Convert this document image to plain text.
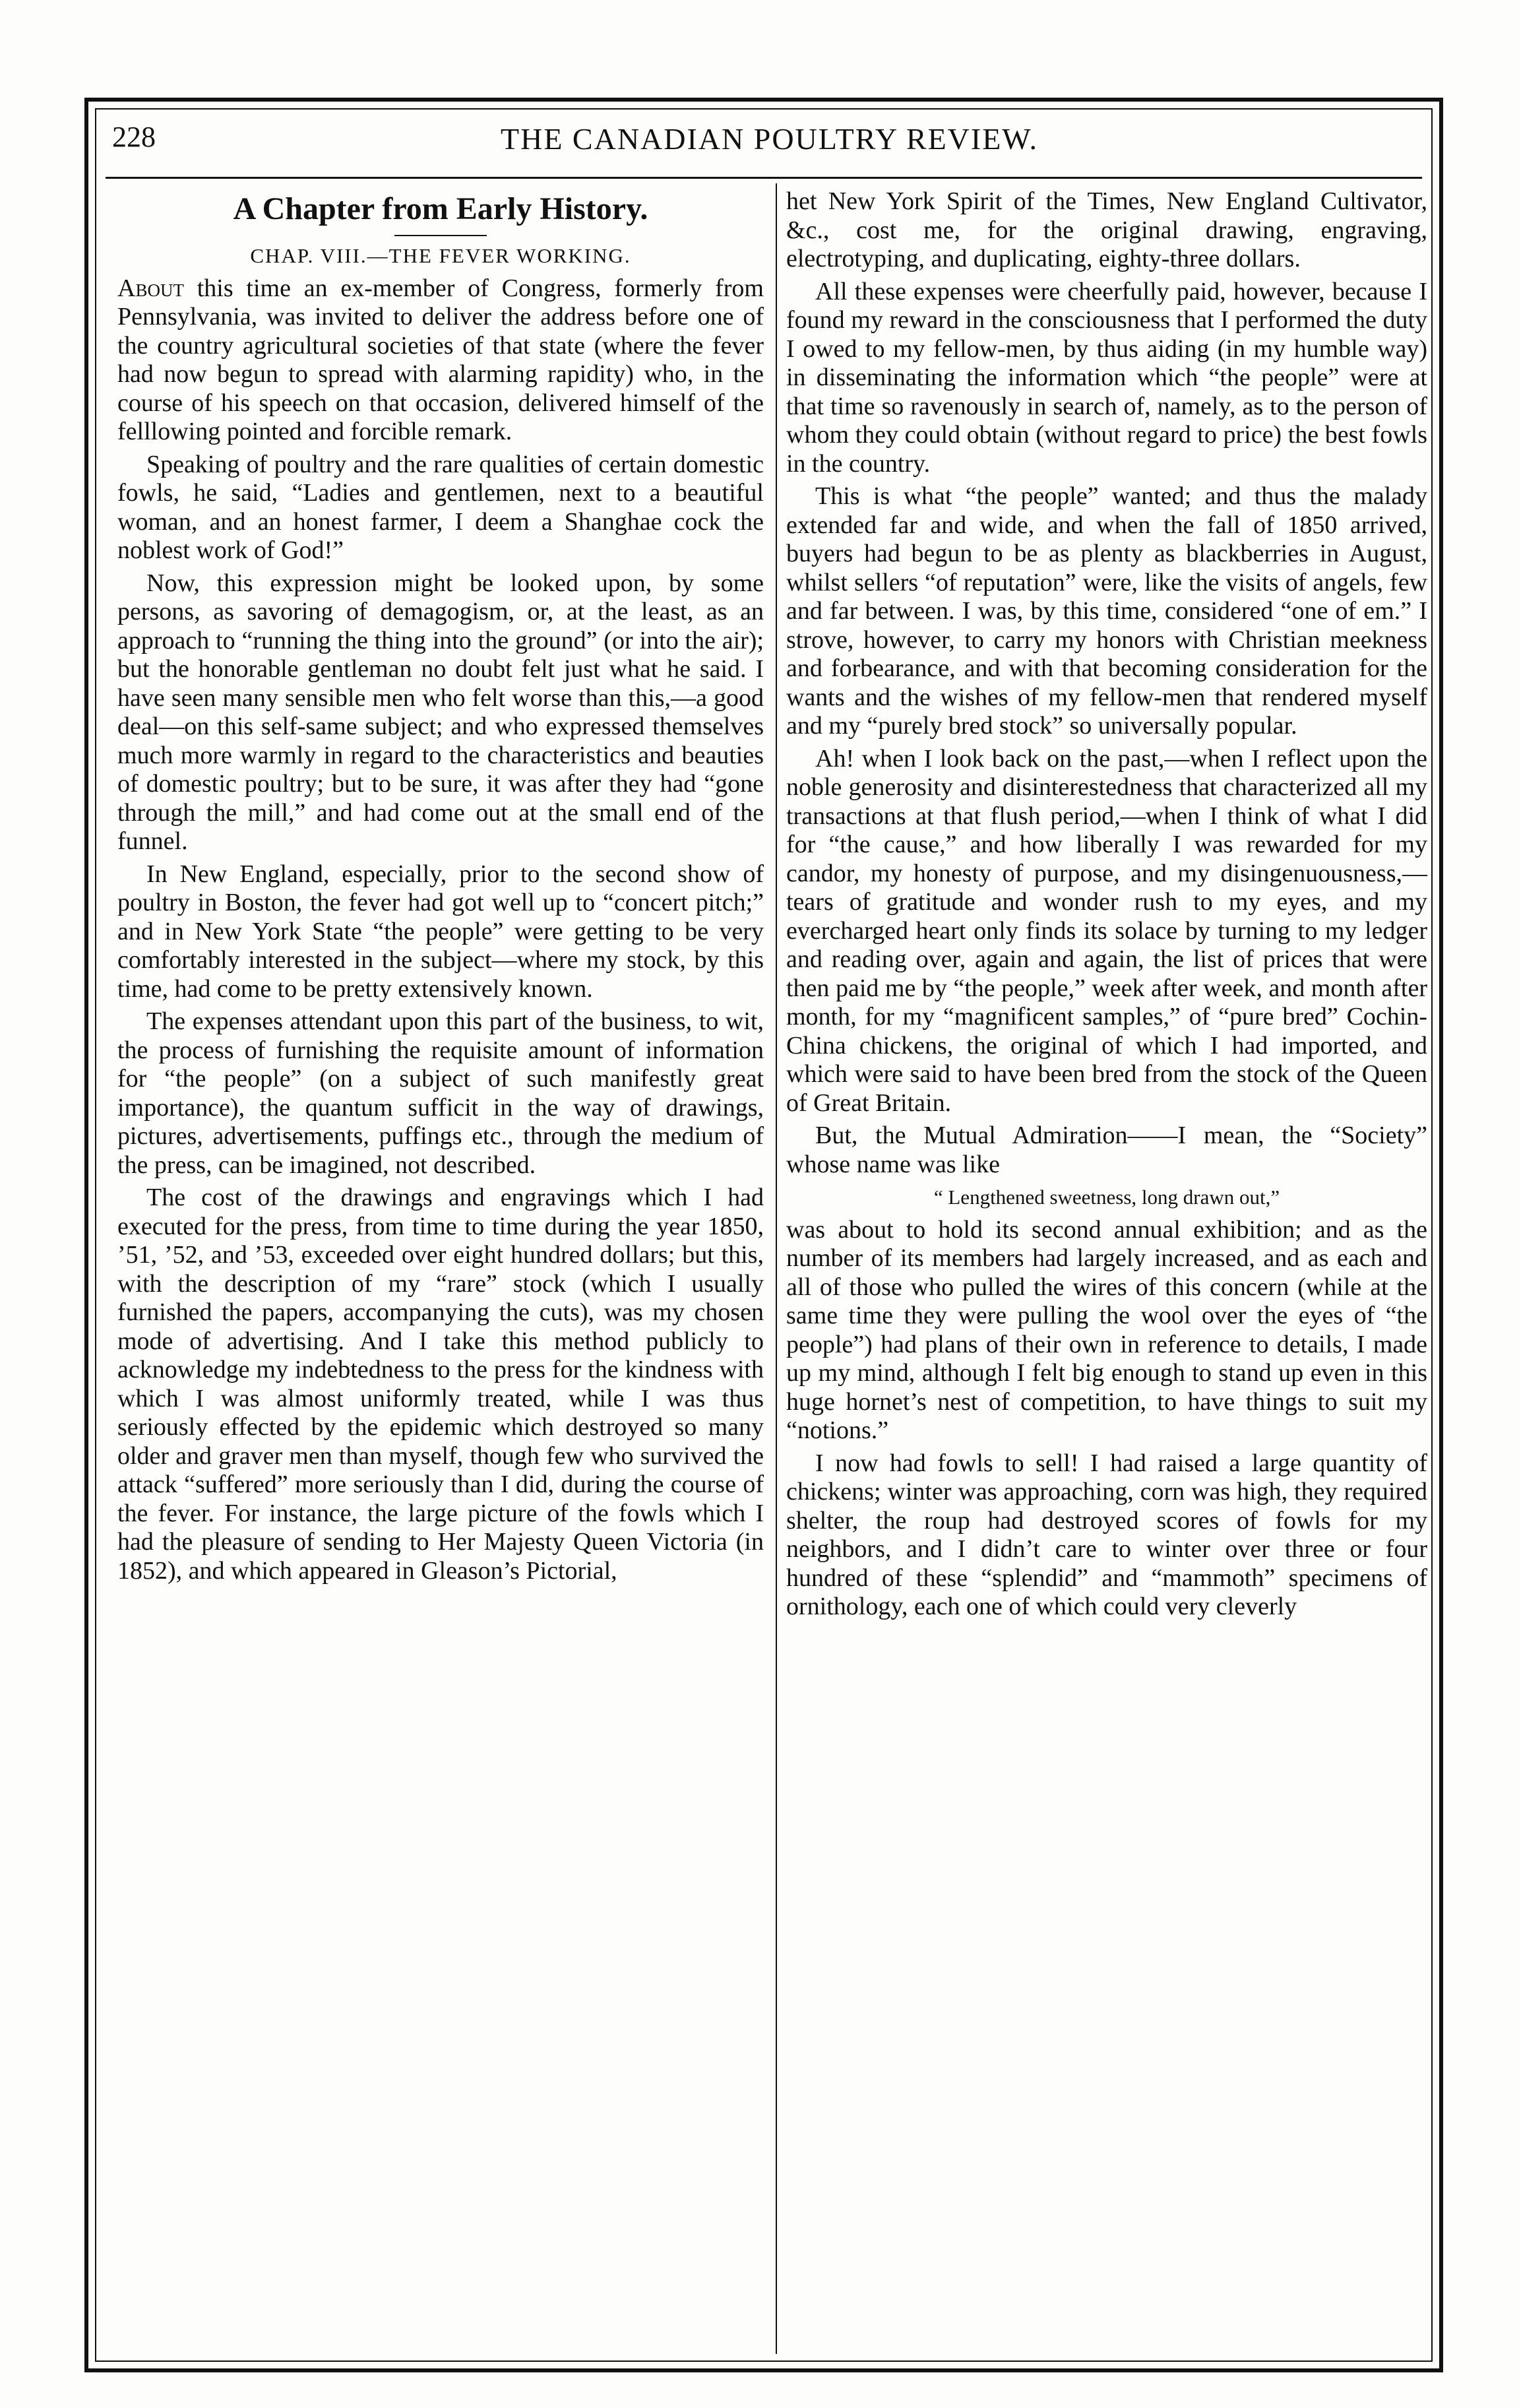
228	THE CANADIAN POULTRY REVIEW.
A Chapter from Early History.
CHAP. VIII.—THE FEVER WORKING.

About this time an ex-member of Congress, formerly from Pennsylvania, was invited to deliver the address before one of the country agricultural societies of that state (where the fever had now begun to spread with alarming rapidity) who, in the course of his speech on that occasion, delivered himself of the felllowing pointed and forcible remark.

Speaking of poultry and the rare qualities of certain domestic fowls, he said, “Ladies and gentlemen, next to a beautiful woman, and an honest farmer, I deem a Shanghae cock the noblest work of God!”

Now, this expression might be looked upon, by some persons, as savoring of demagogism, or, at the least, as an approach to “running the thing into the ground” (or into the air); but the honorable gentleman no doubt felt just what he said. I have seen many sensible men who felt worse than this,—a good deal—on this self-same subject; and who expressed themselves much more warmly in regard to the characteristics and beauties of domestic poultry; but to be sure, it was after they had “gone through the mill,” and had come out at the small end of the funnel.

In New England, especially, prior to the second show of poultry in Boston, the fever had got well up to “concert pitch;” and in New York State “the people” were getting to be very comfortably interested in the subject—where my stock, by this time, had come to be pretty extensively known.

The expenses attendant upon this part of the business, to wit, the process of furnishing the requisite amount of information for “the people” (on a subject of such manifestly great importance), the quantum sufficit in the way of drawings, pictures, advertisements, puffings etc., through the medium of the press, can be imagined, not described.

The cost of the drawings and engravings which I had executed for the press, from time to time during the year 1850, ’51, ’52, and ’53, exceeded over eight hundred dollars; but this, with the description of my “rare” stock (which I usually furnished the papers, accompanying the cuts), was my chosen mode of advertising. And I take this method publicly to acknowledge my indebtedness to the press for the kindness with which I was almost uniformly treated, while I was thus seriously effected by the epidemic which destroyed so many older and graver men than myself, though few who survived the attack “suffered” more seriously than I did, during the course of the fever. For instance, the large picture of the fowls which I had the pleasure of sending to Her Majesty Queen Victoria (in 1852), and which appeared in Gleason’s Pictorial,

het New York Spirit of the Times, New England Cultivator, &c., cost me, for the original drawing, engraving, electrotyping, and duplicating, eighty-three dollars.

All these expenses were cheerfully paid, however, because I found my reward in the consciousness that I performed the duty I owed to my fellow-men, by thus aiding (in my humble way) in disseminating the information which “the people” were at that time so ravenously in search of, namely, as to the person of whom they could obtain (without regard to price) the best fowls in the country.

This is what “the people” wanted; and thus the malady extended far and wide, and when the fall of 1850 arrived, buyers had begun to be as plenty as blackberries in August, whilst sellers “of reputation” were, like the visits of angels, few and far between. I was, by this time, considered “one of em.” I strove, however, to carry my honors with Christian meekness and forbearance, and with that becoming consideration for the wants and the wishes of my fellow-men that rendered myself and my “purely bred stock” so universally popular.

Ah! when I look back on the past,—when I reflect upon the noble generosity and disinterestedness that characterized all my transactions at that flush period,—when I think of what I did for “the cause,” and how liberally I was rewarded for my candor, my honesty of purpose, and my disingenuousness,—tears of gratitude and wonder rush to my eyes, and my evercharged heart only finds its solace by turning to my ledger and reading over, again and again, the list of prices that were then paid me by “the people,” week after week, and month after month, for my “magnificent samples,” of “pure bred” Cochin-China chickens, the original of which I had imported, and which were said to have been bred from the stock of the Queen of Great Britain.

But, the Mutual Admiration——I mean, the “Society” whose name was like

“ Lengthened sweetness, long drawn out,”

was about to hold its second annual exhibition; and as the number of its members had largely increased, and as each and all of those who pulled the wires of this concern (while at the same time they were pulling the wool over the eyes of “the people”) had plans of their own in reference to details, I made up my mind, although I felt big enough to stand up even in this huge hornet’s nest of competition, to have things to suit my “notions.”

I now had fowls to sell! I had raised a large quantity of chickens; winter was approaching, corn was high, they required shelter, the roup had destroyed scores of fowls for my neighbors, and I didn’t care to winter over three or four hundred of these “splendid” and “mammoth” specimens of ornithology, each one of which could very cleverly
